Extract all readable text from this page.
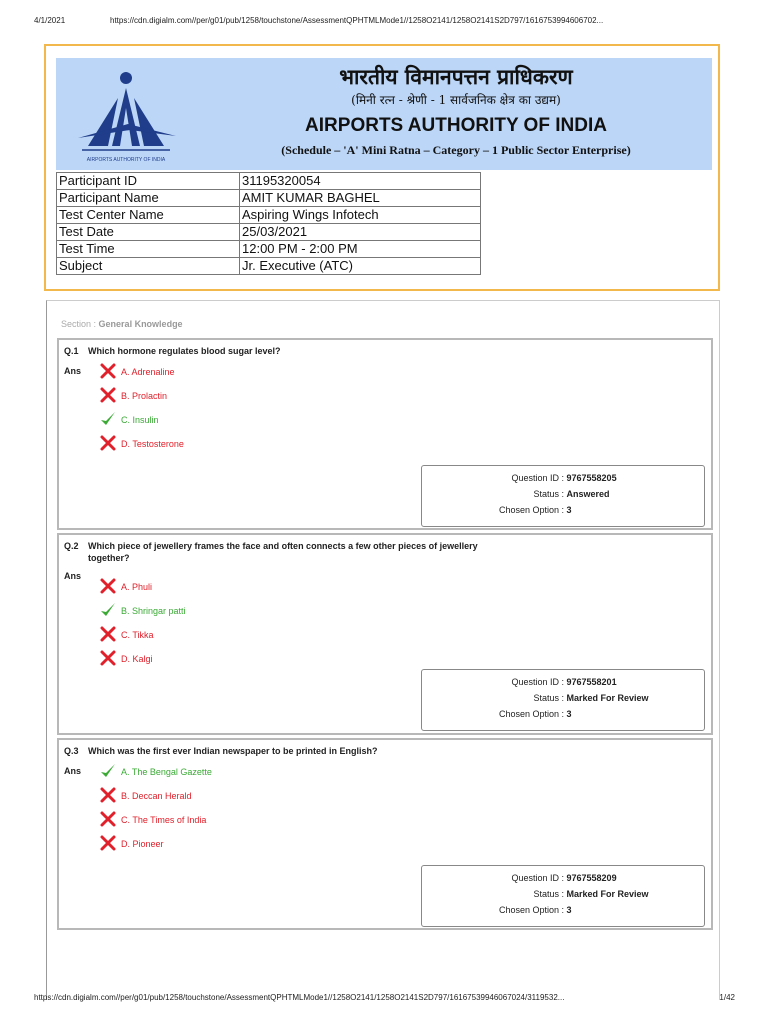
4/1/2021	https://cdn.digialm.com//per/g01/pub/1258/touchstone/AssessmentQPHTMLMode1//1258O2141/1258O2141S2D797/1616753994606702...
AIRPORTS AUTHORITY OF INDIA
भारतीय विमानपत्तन प्राधिकरण
(मिनी रत्न - श्रेणी - 1 सार्वजनिक क्षेत्र का उद्यम)
AIRPORTS AUTHORITY OF INDIA
(Schedule – 'A' Mini Ratna – Category – 1 Public Sector Enterprise)
Participant ID	31195320054
Participant Name	AMIT KUMAR BAGHEL
Test Center Name	Aspiring Wings Infotech
Test Date	25/03/2021
Test Time	12:00 PM - 2:00 PM
Subject	Jr. Executive (ATC)
Section : General Knowledge
Q.1 Which hormone regulates blood sugar level?
Ans	A. Adrenaline
B. Prolactin
C. Insulin
D. Testosterone
Question ID : 9767558205
Status : Answered
Chosen Option : 3
Q.2 Which piece of jewellery frames the face and often connects a few other pieces of jewellery together?
Ans
A. Phuli
B. Shringar patti
C. Tikka
D. Kalgi
Question ID : 9767558201
Status : Marked For Review
Chosen Option : 3
Q.3 Which was the first ever Indian newspaper to be printed in English?
Ans	A. The Bengal Gazette
B. Deccan Herald
C. The Times of India
D. Pioneer
Question ID : 9767558209
Status : Marked For Review
Chosen Option : 3
https://cdn.digialm.com//per/g01/pub/1258/touchstone/AssessmentQPHTMLMode1//1258O2141/1258O2141S2D797/16167539946067024/3119532...	1/42
